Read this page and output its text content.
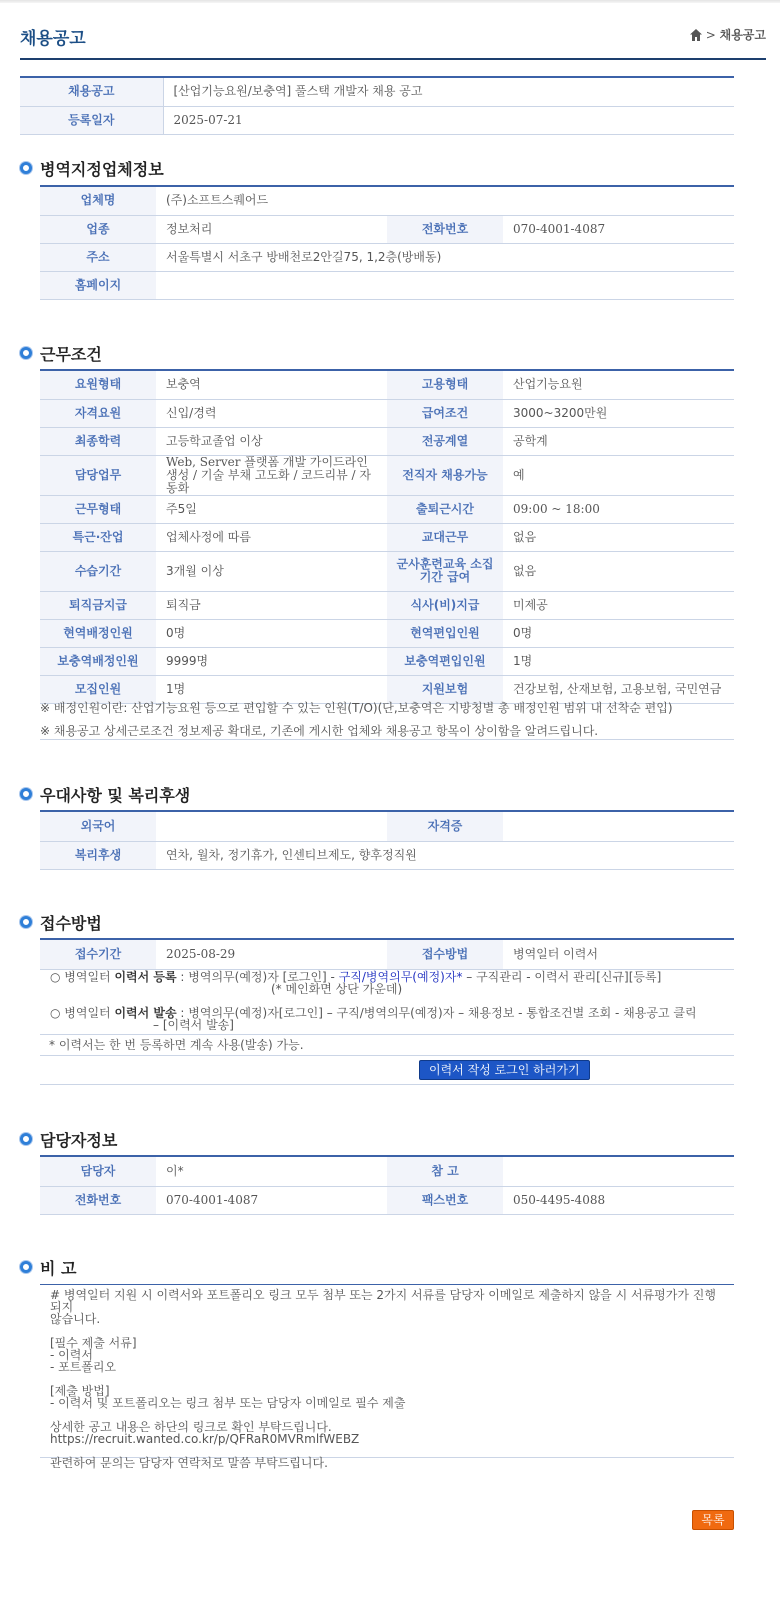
채용공고	>
채용공고
채용공고	[산업기능요원/보충역] 풀스택 개발자 채용 공고
등록일자	2025-07-21
병역지정업체정보
업체명	(주)소프트스퀘어드		
업종	정보처리	전화번호	070-4001-4087
주소	서울특별시 서초구 방배천로2안길75, 1,2층(방배동)		
홈페이지			
근무조건
요원형태	보충역	고용형태	산업기능요원
자격요원	신입/경력	급여조건	3000~3200만원
최종학력	고등학교졸업 이상	전공계열	공학계
담당업무	Web, Server 플랫폼 개발 가이드라인 생성 / 기술 부채 고도화 / 코드리뷰 / 자동화	전직자 채용가능	예
근무형태	주5일	출퇴근시간	09:00 ~ 18:00
특근·잔업	업체사정에 따름	교대근무	없음
수습기간	3개월 이상	군사훈련교육 소집기간 급여	없음
퇴직금지급	퇴직금	식사(비)지급	미제공
현역배정인원	0명	현역편입인원	0명
보충역배정인원	9999명	보충역편입인원	1명
모집인원	1명	지원보험	건강보험, 산재보험, 고용보험, 국민연금
※ 배정인원이란: 산업기능요원 등으로 편입할 수 있는 인원(T/O)(단,보충역은 지방청별 총 배정인원 범위 내 선착순 편입)
※ 채용공고 상세근로조건 정보제공 확대로, 기존에 게시한 업체와 채용공고 항목이 상이함을 알려드립니다.
우대사항 및 복리후생
외국어		자격증	
복리후생	연차, 월차, 정기휴가, 인센티브제도, 향후정직원		
접수방법
접수기간	2025-08-29	접수방법	병역일터 이력서
○ 병역일터 이력서 등록 : 병역의무(예정)자 [로그인] - 구직/병역의무(예정)자* – 구직관리 - 이력서 관리[신규][등록]
(* 메인화면 상단 가운데)
○ 병역일터 이력서 발송 : 병역의무(예정)자[로그인] – 구직/병역의무(예정)자 – 채용정보 - 통합조건별 조회 - 채용공고 클릭
– [이력서 발송]
* 이력서는 한 번 등록하면 계속 사용(발송) 가능.
이력서 작성 로그인 하러가기
담당자정보
담당자	이*	참 고	
전화번호	070-4001-4087	팩스번호	050-4495-4088
비 고
# 병역일터 지원 시 이력서와 포트폴리오 링크 모두 첨부 또는 2가지 서류를 담당자 이메일로 제출하지 않을 시 서류평가가 진행되지
않습니다.

[필수 제출 서류]
- 이력서
- 포트폴리오

[제출 방법]
- 이력서 및 포트폴리오는 링크 첨부 또는 담당자 이메일로 필수 제출

상세한 공고 내용은 하단의 링크로 확인 부탁드립니다.
https://recruit.wanted.co.kr/p/QFRaR0MVRmlfWEBZ

관련하여 문의는 담당자 연락처로 말씀 부탁드립니다.
목록
